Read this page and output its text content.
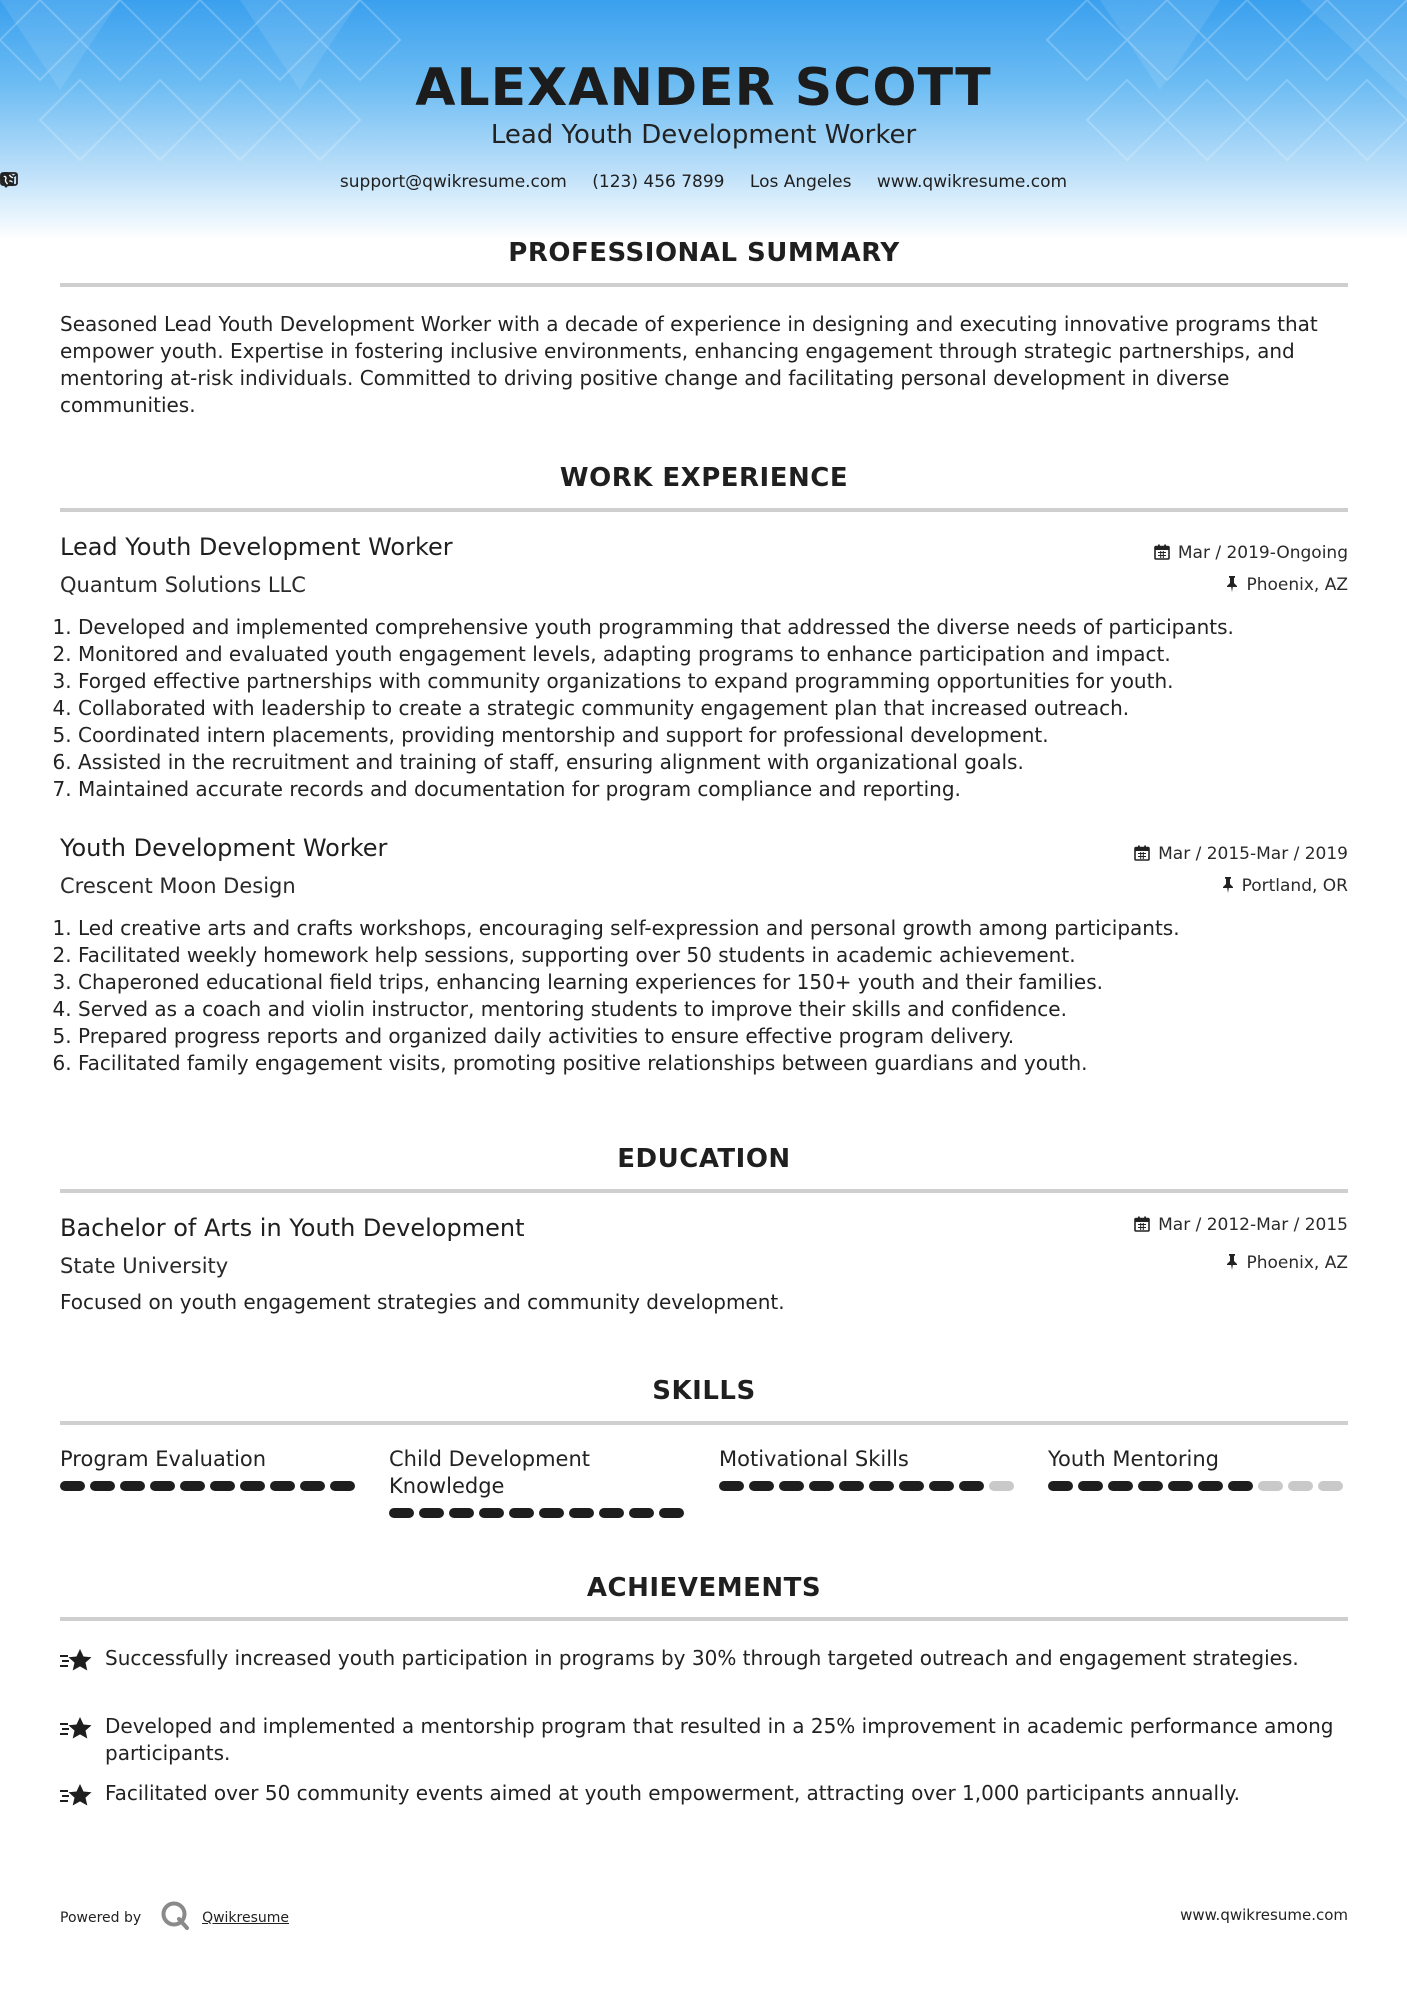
ALEXANDER SCOTT
Lead Youth Development Worker
support@qwikresume.com (123) 456 7899 Los Angeles www.qwikresume.com
PROFESSIONAL SUMMARY
Seasoned Lead Youth Development Worker with a decade of experience in designing and executing innovative programs that empower youth. Expertise in fostering inclusive environments, enhancing engagement through strategic partnerships, and mentoring at-risk individuals. Committed to driving positive change and facilitating personal development in diverse communities.
WORK EXPERIENCE
Lead Youth Development Worker	Mar / 2019-Ongoing
Quantum Solutions LLC	Phoenix, AZ
1. Developed and implemented comprehensive youth programming that addressed the diverse needs of participants.
2. Monitored and evaluated youth engagement levels, adapting programs to enhance participation and impact.
3. Forged effective partnerships with community organizations to expand programming opportunities for youth.
4. Collaborated with leadership to create a strategic community engagement plan that increased outreach.
5. Coordinated intern placements, providing mentorship and support for professional development.
6. Assisted in the recruitment and training of staff, ensuring alignment with organizational goals.
7. Maintained accurate records and documentation for program compliance and reporting.
Youth Development Worker	Mar / 2015-Mar / 2019
Crescent Moon Design	Portland, OR
1. Led creative arts and crafts workshops, encouraging self-expression and personal growth among participants.
2. Facilitated weekly homework help sessions, supporting over 50 students in academic achievement.
3. Chaperoned educational field trips, enhancing learning experiences for 150+ youth and their families.
4. Served as a coach and violin instructor, mentoring students to improve their skills and confidence.
5. Prepared progress reports and organized daily activities to ensure effective program delivery.
6. Facilitated family engagement visits, promoting positive relationships between guardians and youth.
EDUCATION
Bachelor of Arts in Youth Development	Mar / 2012-Mar / 2015
State University	Phoenix, AZ
Focused on youth engagement strategies and community development.
SKILLS
Program Evaluation	Child Development Knowledge
Motivational Skills	Youth Mentoring
ACHIEVEMENTS
Successfully increased youth participation in programs by 30% through targeted outreach and engagement strategies.
Developed and implemented a mentorship program that resulted in a 25% improvement in academic performance among participants.
Facilitated over 50 community events aimed at youth empowerment, attracting over 1,000 participants annually.
Powered by	Qwikresume	www.qwikresume.com
